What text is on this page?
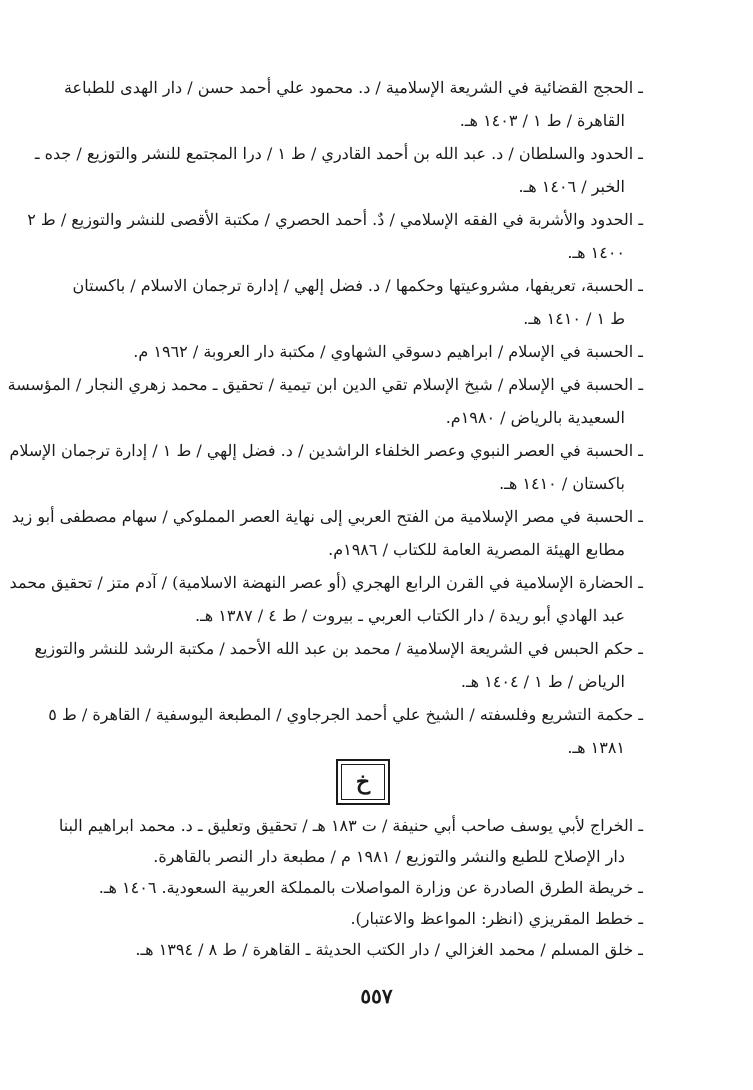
ـ الحجج القضائية في الشريعة الإسلامية / د. محمود علي أحمد حسن / دار الهدى للطباعة
القاهرة / ط ١ / ١٤٠٣ هـ.
ـ الحدود والسلطان / د. عبد الله بن أحمد القادري / ط ١ / درا المجتمع للنشر والتوزيع / جده ـ
الخبر / ١٤٠٦ هـ.
ـ الحدود والأشربة في الفقه الإسلامي / دٌ. أحمد الحصري / مكتبة الأقصى للنشر والتوزيع / ط ٢
١٤٠٠ هـ.
ـ الحسبة، تعريفها، مشروعيتها وحكمها / د. فضل إلهي / إدارة ترجمان الاسلام / باكستان
ط ١ / ١٤١٠ هـ.
ـ الحسبة في الإسلام / ابراهيم دسوقي الشهاوي / مكتبة دار العروبة / ١٩٦٢ م.
ـ الحسبة في الإسلام / شيخ الإسلام تقي الدين ابن تيمية / تحقيق ـ محمد زهري النجار / المؤسسة
السعيدية بالرياض / ١٩٨٠م.
ـ الحسبة في العصر النبوي وعصر الخلفاء الراشدين / د. فضل إلهي / ط ١ / إدارة ترجمان الإسلام
باكستان / ١٤١٠ هـ.
ـ الحسبة في مصر الإسلامية من الفتح العربي إلى نهاية العصر المملوكي / سهام مصطفى أبو زيد
مطابع الهيئة المصرية العامة للكتاب / ١٩٨٦م.
ـ الحضارة الإسلامية في القرن الرابع الهجري (أو عصر النهضة الاسلامية) / آدم متز / تحقيق محمد
عبد الهادي أبو ريدة / دار الكتاب العربي ـ بيروت / ط ٤ / ١٣٨٧ هـ.
ـ حكم الحبس في الشريعة الإسلامية / محمد بن عبد الله الأحمد / مكتبة الرشد للنشر والتوزيع
الرياض / ط ١ / ١٤٠٤ هـ.
ـ حكمة التشريع وفلسفته / الشيخ علي أحمد الجرجاوي / المطبعة اليوسفية / القاهرة / ط ٥
١٣٨١ هـ.
خ
ـ الخراج لأبي يوسف صاحب أبي حنيفة / ت ١٨٣ هـ / تحقيق وتعليق ـ د. محمد ابراهيم البنا
دار الإصلاح للطبع والنشر والتوزيع / ١٩٨١ م / مطبعة دار النصر بالقاهرة.
ـ خريطة الطرق الصادرة عن وزارة المواصلات بالمملكة العربية السعودية. ١٤٠٦ هـ.
ـ خطط المقريزي (انظر: المواعظ والاعتبار).
ـ خلق المسلم / محمد الغزالي / دار الكتب الحديثة ـ القاهرة / ط ٨ / ١٣٩٤ هـ.
٥٥٧
